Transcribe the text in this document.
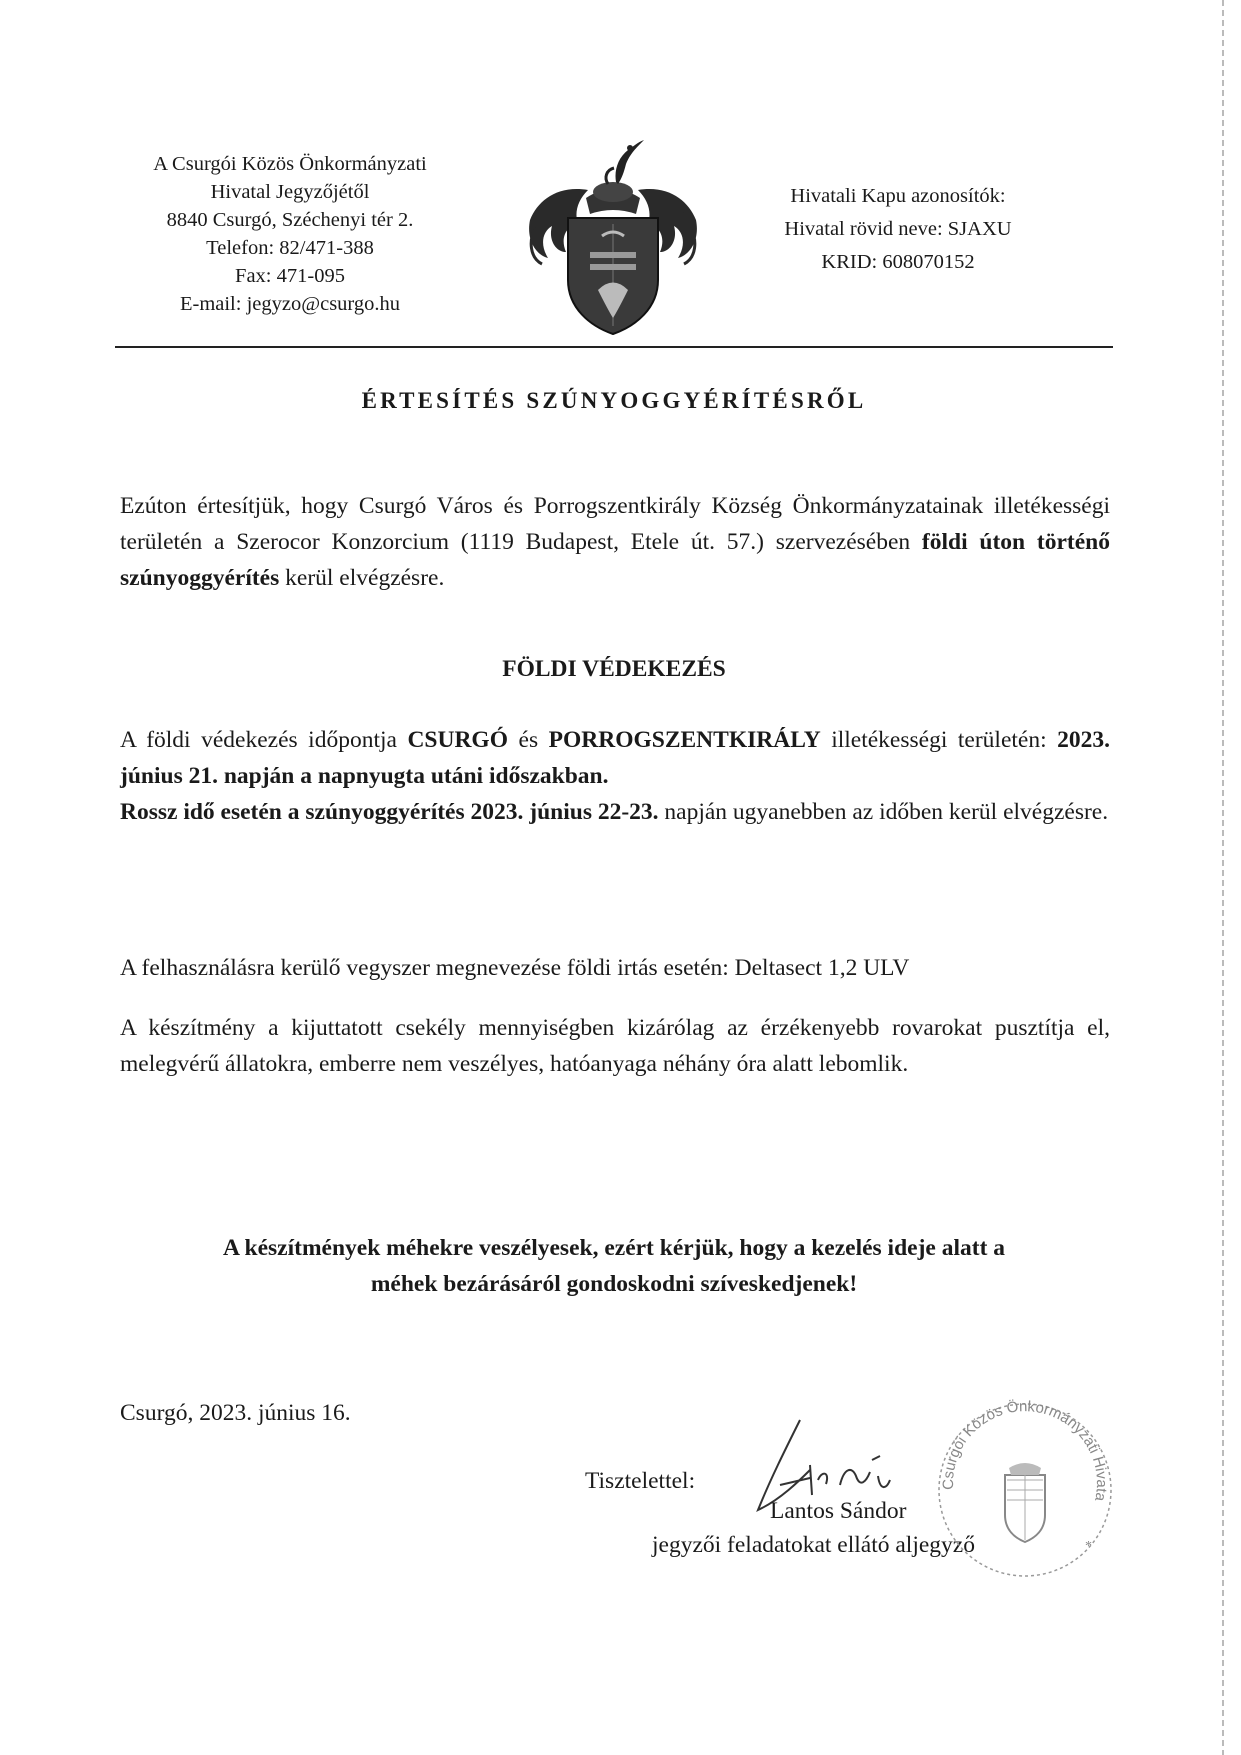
A Csurgói Közös Önkormányzati
Hivatal Jegyzőjétől
8840 Csurgó, Széchenyi tér 2.
Telefon: 82/471-388
Fax: 471-095
E-mail: jegyzo@csurgo.hu
Hivatali Kapu azonosítók:
Hivatal rövid neve: SJAXU
KRID: 608070152
ÉRTESÍTÉS SZÚNYOGGYÉRÍTÉSRŐL
Ezúton értesítjük, hogy Csurgó Város és Porrogszentkirály Község Önkormányzatainak illetékességi területén a Szerocor Konzorcium (1119 Budapest, Etele út. 57.) szervezésében földi úton történő szúnyoggyérítés kerül elvégzésre.
FÖLDI VÉDEKEZÉS
A földi védekezés időpontja CSURGÓ és PORROGSZENTKIRÁLY illetékességi területén: 2023. június 21. napján a napnyugta utáni időszakban.
Rossz idő esetén a szúnyoggyérítés 2023. június 22-23. napján ugyanebben az időben kerül elvégzésre.
A felhasználásra kerülő vegyszer megnevezése földi irtás esetén: Deltasect 1,2 ULV
A készítmény a kijuttatott csekély mennyiségben kizárólag az érzékenyebb rovarokat pusztítja el, melegvérű állatokra, emberre nem veszélyes, hatóanyaga néhány óra alatt lebomlik.
A készítmények méhekre veszélyesek, ezért kérjük, hogy a kezelés ideje alatt a
méhek bezárásáról gondoskodni szíveskedjenek!
Csurgó, 2023. június 16.
Tisztelettel:
Lantos Sándor
jegyzői feladatokat ellátó aljegyző
Csurgói Közös Önkormányzati Hivata
*
